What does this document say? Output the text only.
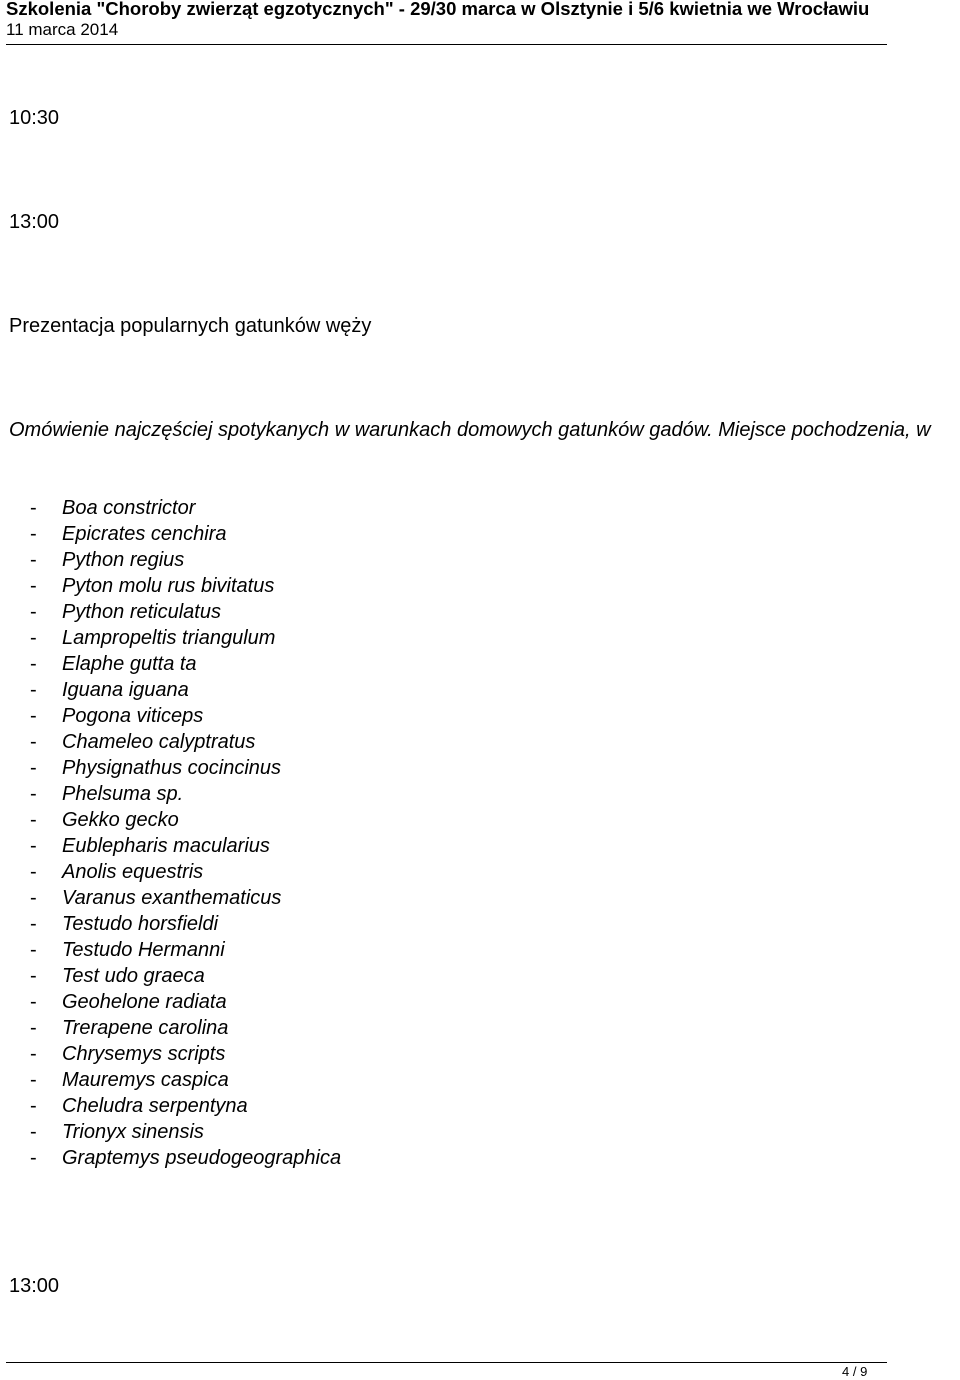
Szkolenia "Choroby zwierząt egzotycznych" - 29/30 marca w Olsztynie i 5/6 kwietnia we Wrocławiu
11 marca 2014
10:30
13:00
Prezentacja popularnych gatunków węży
Omówienie najczęściej spotykanych w warunkach domowych gatunków gadów. Miejsce pochodzenia, w
- Boa constrictor
- Epicrates cenchira
- Python regius
- Pyton molu rus bivitatus
- Python reticulatus
- Lampropeltis triangulum
- Elaphe gutta ta
- Iguana iguana
- Pogona viticeps
- Chameleo calyptratus
- Physignathus cocincinus
- Phelsuma sp.
- Gekko gecko
- Eublepharis macularius
- Anolis equestris
- Varanus exanthematicus
- Testudo horsfieldi
- Testudo Hermanni
- Test udo graeca
- Geohelone radiata
- Trerapene carolina
- Chrysemys scripts
- Mauremys caspica
- Cheludra serpentyna
- Trionyx sinensis
- Graptemys pseudogeographica
13:00
4 / 9
